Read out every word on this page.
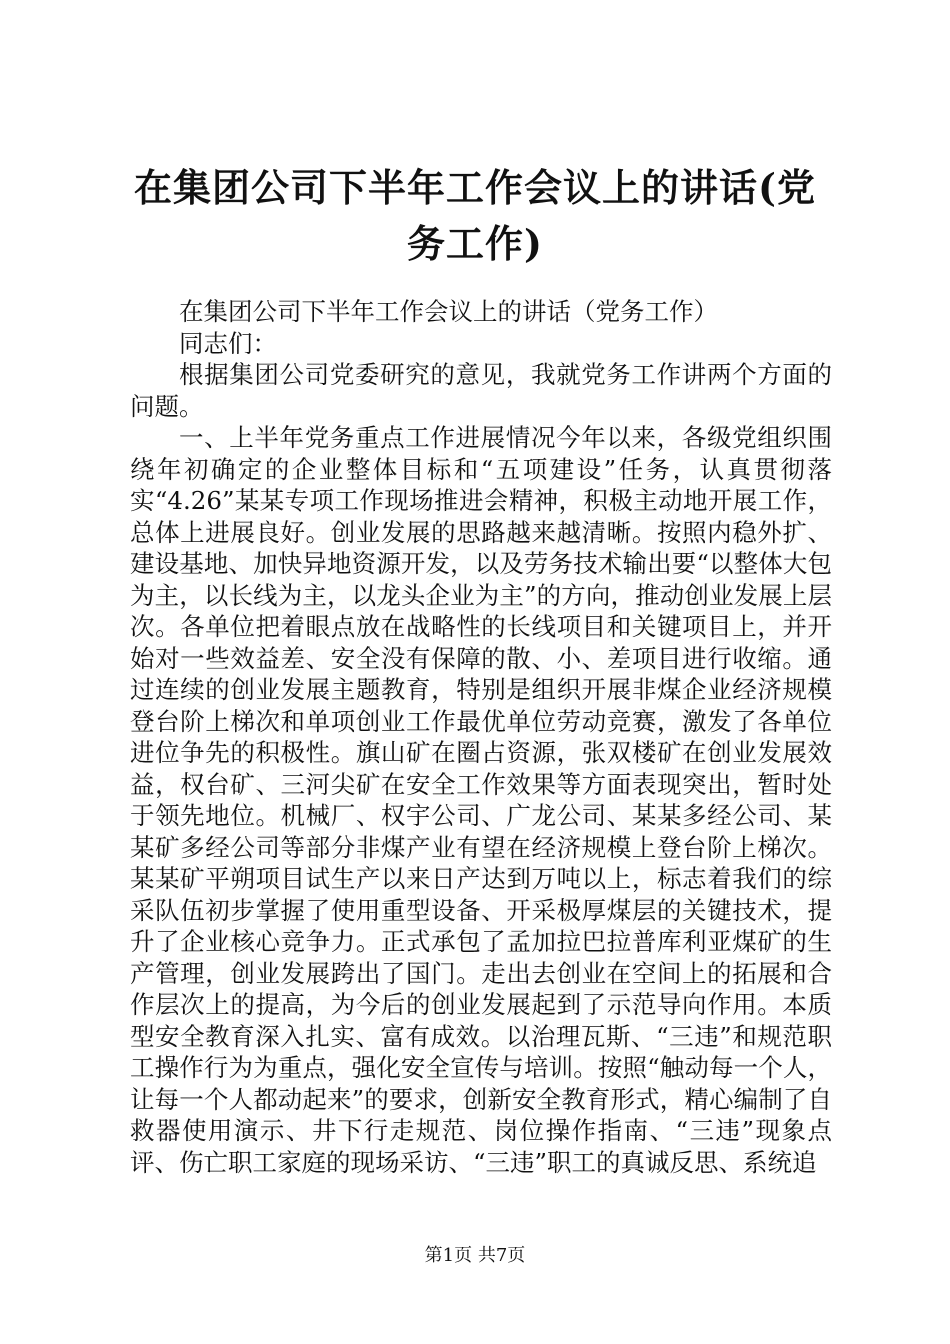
在集团公司下半年工作会议上的讲话(党务工作)

在集团公司下半年工作会议上的讲话（党务工作）

同志们：

根据集团公司党委研究的意见，我就党务工作讲两个方面的问题。

一、上半年党务重点工作进展情况今年以来，各级党组织围绕年初确定的企业整体目标和“五项建设”任务，认真贯彻落实“4.26”某某专项工作现场推进会精神，积极主动地开展工作，总体上进展良好。创业发展的思路越来越清晰。按照内稳外扩、建设基地、加快异地资源开发，以及劳务技术输出要“以整体大包为主，以长线为主，以龙头企业为主”的方向，推动创业发展上层次。各单位把着眼点放在战略性的长线项目和关键项目上，并开始对一些效益差、安全没有保障的散、小、差项目进行收缩。通过连续的创业发展主题教育，特别是组织开展非煤企业经济规模登台阶上梯次和单项创业工作最优单位劳动竞赛，激发了各单位进位争先的积极性。旗山矿在圈占资源，张双楼矿在创业发展效益，权台矿、三河尖矿在安全工作效果等方面表现突出，暂时处于领先地位。机械厂、权宇公司、广龙公司、某某多经公司、某某矿多经公司等部分非煤产业有望在经济规模上登台阶上梯次。某某矿平朔项目试生产以来日产达到万吨以上，标志着我们的综采队伍初步掌握了使用重型设备、开采极厚煤层的关键技术，提升了企业核心竞争力。正式承包了孟加拉巴拉普库利亚煤矿的生产管理，创业发展跨出了国门。走出去创业在空间上的拓展和合作层次上的提高，为今后的创业发展起到了示范导向作用。本质型安全教育深入扎实、富有成效。以治理瓦斯、“三违”和规范职工操作行为为重点，强化安全宣传与培训。按照“触动每一个人，让每一个人都动起来”的要求，创新安全教育形式，精心编制了自救器使用演示、井下行走规范、岗位操作指南、“三违”现象点评、伤亡职工家庭的现场采访、“三违”职工的真诚反思、系统追

第1页 共7页
